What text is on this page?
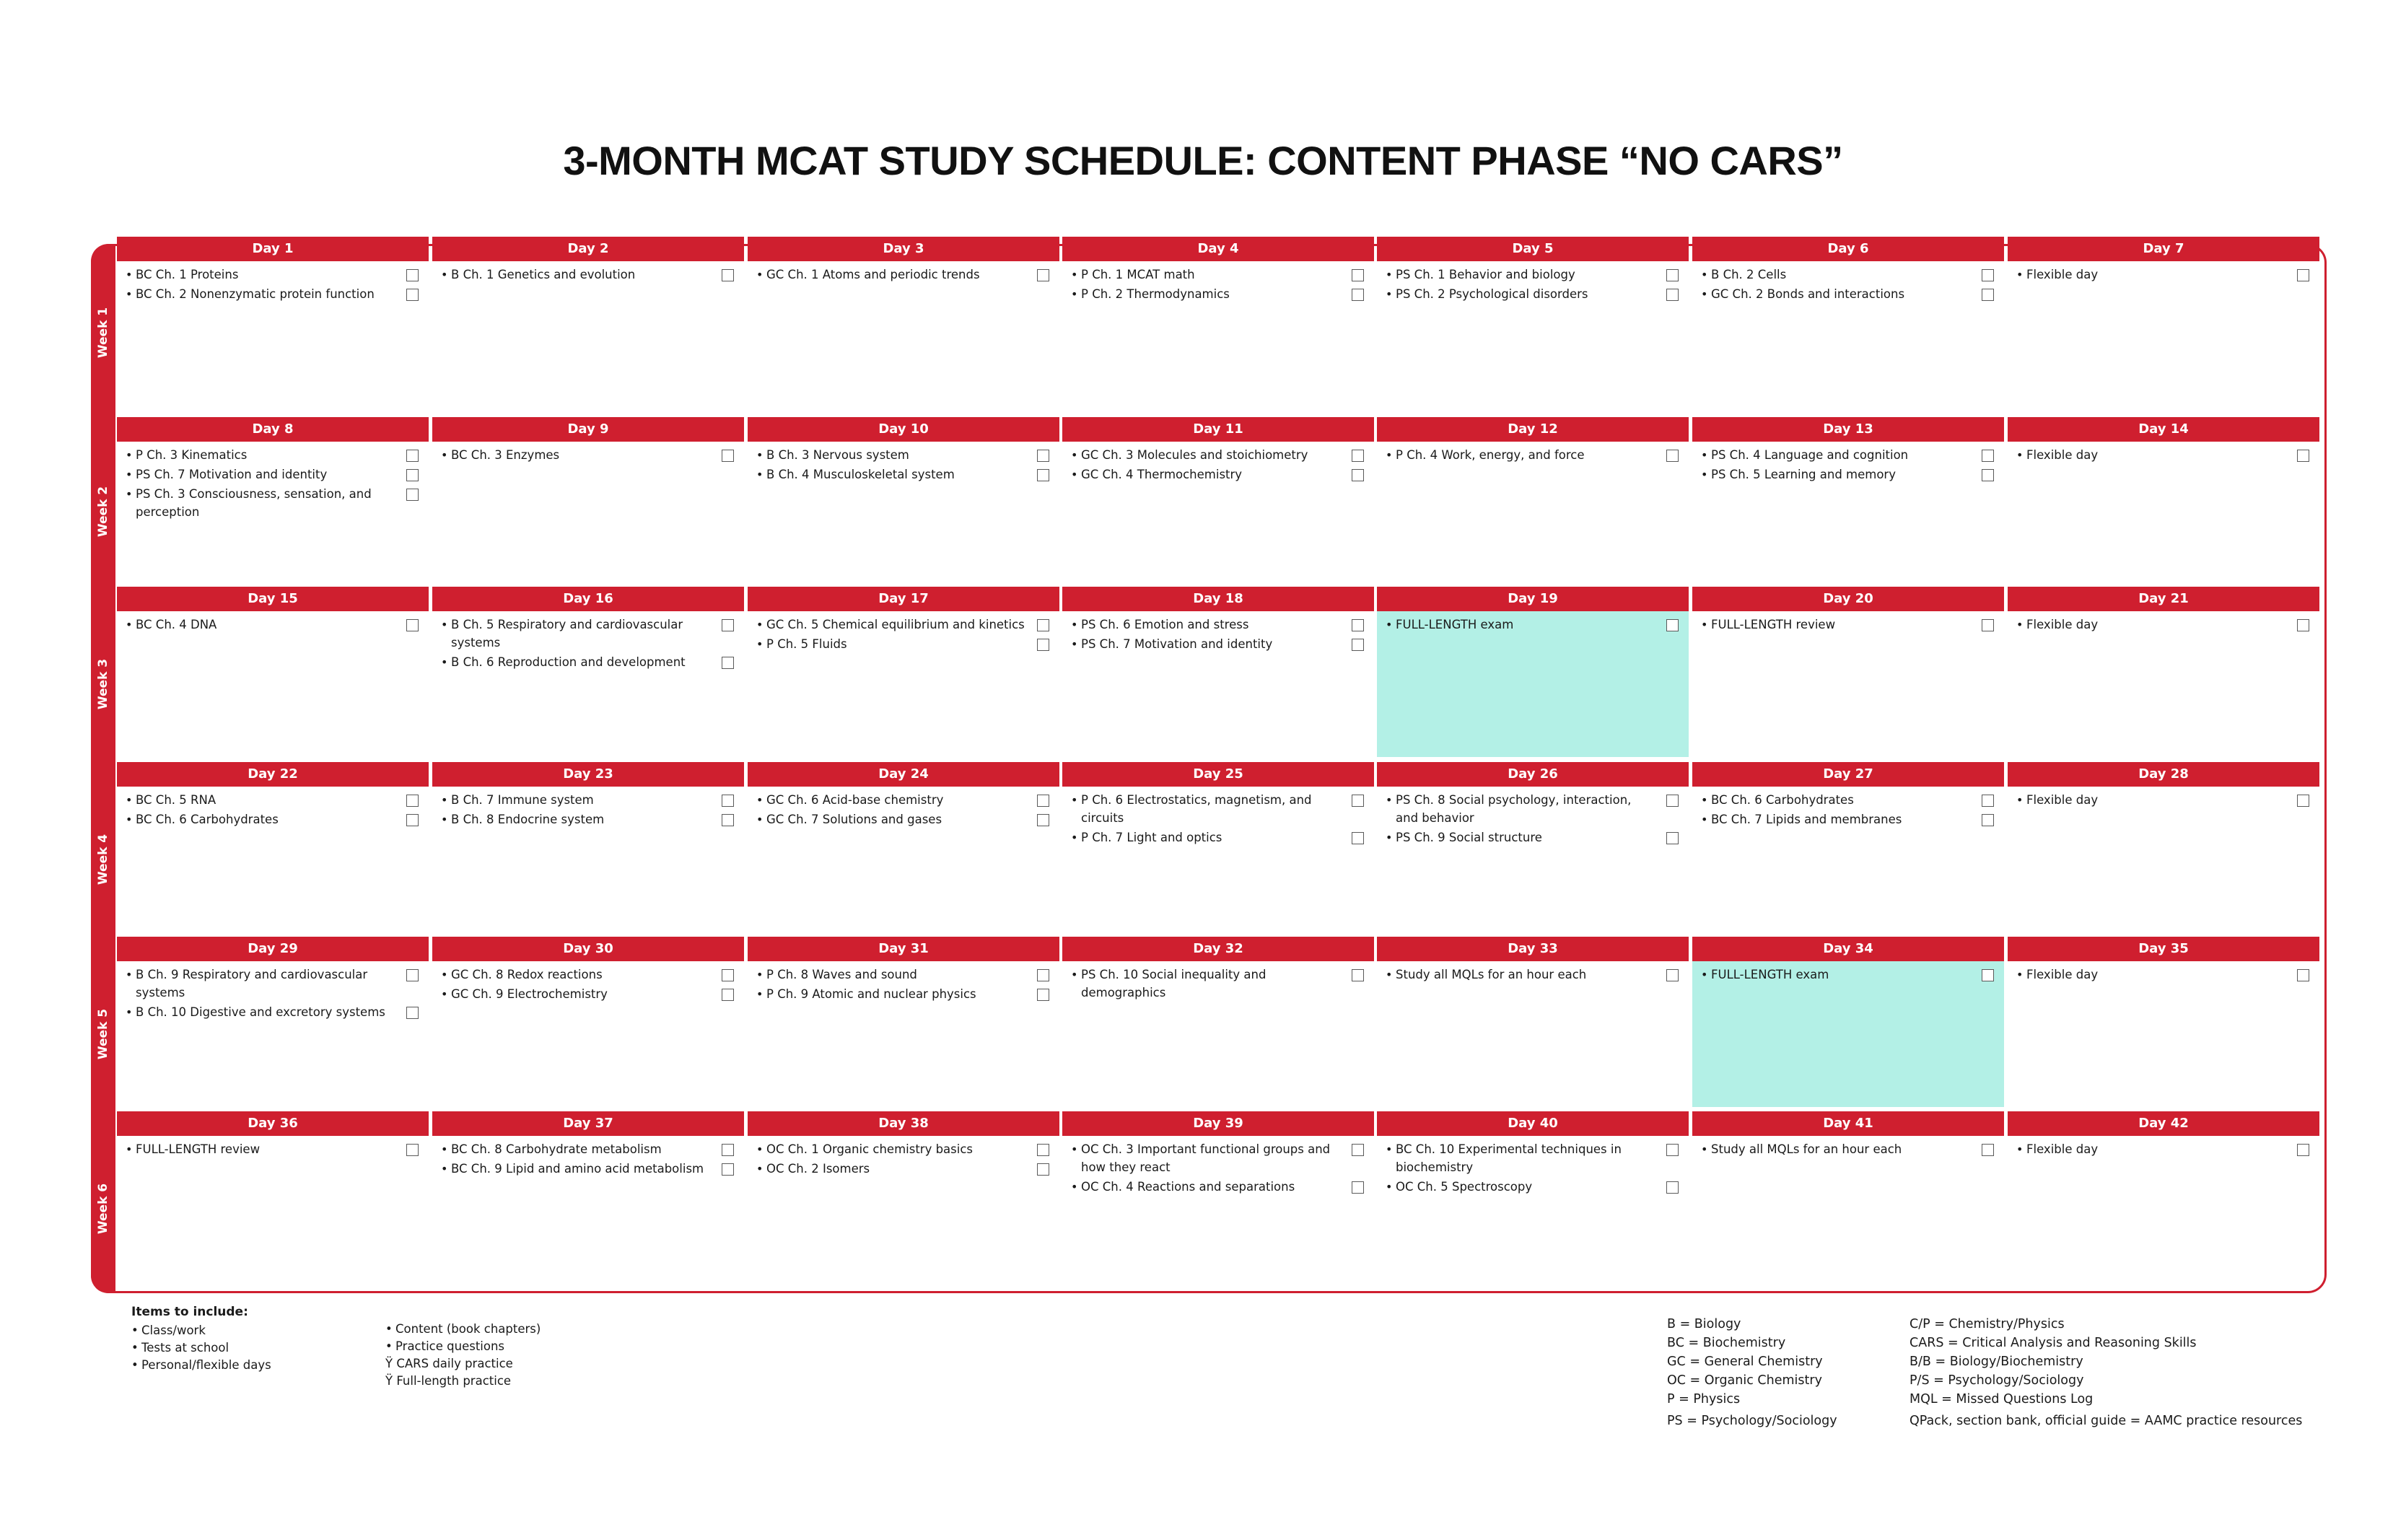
3-MONTH MCAT STUDY SCHEDULE: CONTENT PHASE “NO CARS”
Week 1
Week 2
Week 3
Week 4
Week 5
Week 6
Day 1
• BC Ch. 1 Proteins
• BC Ch. 2 Nonenzymatic protein function
Day 2
• B Ch. 1 Genetics and evolution
Day 3
• GC Ch. 1 Atoms and periodic trends
Day 4
• P Ch. 1 MCAT math
• P Ch. 2 Thermodynamics
Day 5
• PS Ch. 1 Behavior and biology
• PS Ch. 2 Psychological disorders
Day 6
• B Ch. 2 Cells
• GC Ch. 2 Bonds and interactions
Day 7
• Flexible day
Day 8
• P Ch. 3 Kinematics
• PS Ch. 7 Motivation and identity
• PS Ch. 3 Consciousness, sensation, and perception
Day 9
• BC Ch. 3 Enzymes
Day 10
• B Ch. 3 Nervous system
• B Ch. 4 Musculoskeletal system
Day 11
• GC Ch. 3 Molecules and stoichiometry
• GC Ch. 4 Thermochemistry
Day 12
• P Ch. 4 Work, energy, and force
Day 13
• PS Ch. 4 Language and cognition
• PS Ch. 5 Learning and memory
Day 14
• Flexible day
Day 15
• BC Ch. 4 DNA
Day 16
• B Ch. 5 Respiratory and cardiovascular systems
• B Ch. 6 Reproduction and development
Day 17
• GC Ch. 5 Chemical equilibrium and kinetics
• P Ch. 5 Fluids
Day 18
• PS Ch. 6 Emotion and stress
• PS Ch. 7 Motivation and identity
Day 19
• FULL-LENGTH exam
Day 20
• FULL-LENGTH review
Day 21
• Flexible day
Day 22
• BC Ch. 5 RNA
• BC Ch. 6 Carbohydrates
Day 23
• B Ch. 7 Immune system
• B Ch. 8 Endocrine system
Day 24
• GC Ch. 6 Acid-base chemistry
• GC Ch. 7 Solutions and gases
Day 25
• P Ch. 6 Electrostatics, magnetism, and circuits
• P Ch. 7 Light and optics
Day 26
• PS Ch. 8 Social psychology, interaction, and behavior
• PS Ch. 9 Social structure
Day 27
• BC Ch. 6 Carbohydrates
• BC Ch. 7 Lipids and membranes
Day 28
• Flexible day
Day 29
• B Ch. 9 Respiratory and cardiovascular systems
• B Ch. 10 Digestive and excretory systems
Day 30
• GC Ch. 8 Redox reactions
• GC Ch. 9 Electrochemistry
Day 31
• P Ch. 8 Waves and sound
• P Ch. 9 Atomic and nuclear physics
Day 32
• PS Ch. 10 Social inequality and demographics
Day 33
• Study all MQLs for an hour each
Day 34
• FULL-LENGTH exam
Day 35
• Flexible day
Day 36
• FULL-LENGTH review
Day 37
• BC Ch. 8 Carbohydrate metabolism
• BC Ch. 9 Lipid and amino acid metabolism
Day 38
• OC Ch. 1 Organic chemistry basics
• OC Ch. 2 Isomers
Day 39
• OC Ch. 3 Important functional groups and how they react
• OC Ch. 4 Reactions and separations
Day 40
• BC Ch. 10 Experimental techniques in biochemistry
• OC Ch. 5 Spectroscopy
Day 41
• Study all MQLs for an hour each
Day 42
• Flexible day
Items to include:
• Class/work
• Tests at school
• Personal/flexible days
• Content (book chapters)
• Practice questions
Ÿ CARS daily practice
Ÿ Full-length practice
B = Biology
BC = Biochemistry
GC = General Chemistry
OC = Organic Chemistry
P = Physics
PS = Psychology/Sociology
C/P = Chemistry/Physics
CARS = Critical Analysis and Reasoning Skills
B/B = Biology/Biochemistry
P/S = Psychology/Sociology
MQL = Missed Questions Log
QPack, section bank, official guide = AAMC practice resources
